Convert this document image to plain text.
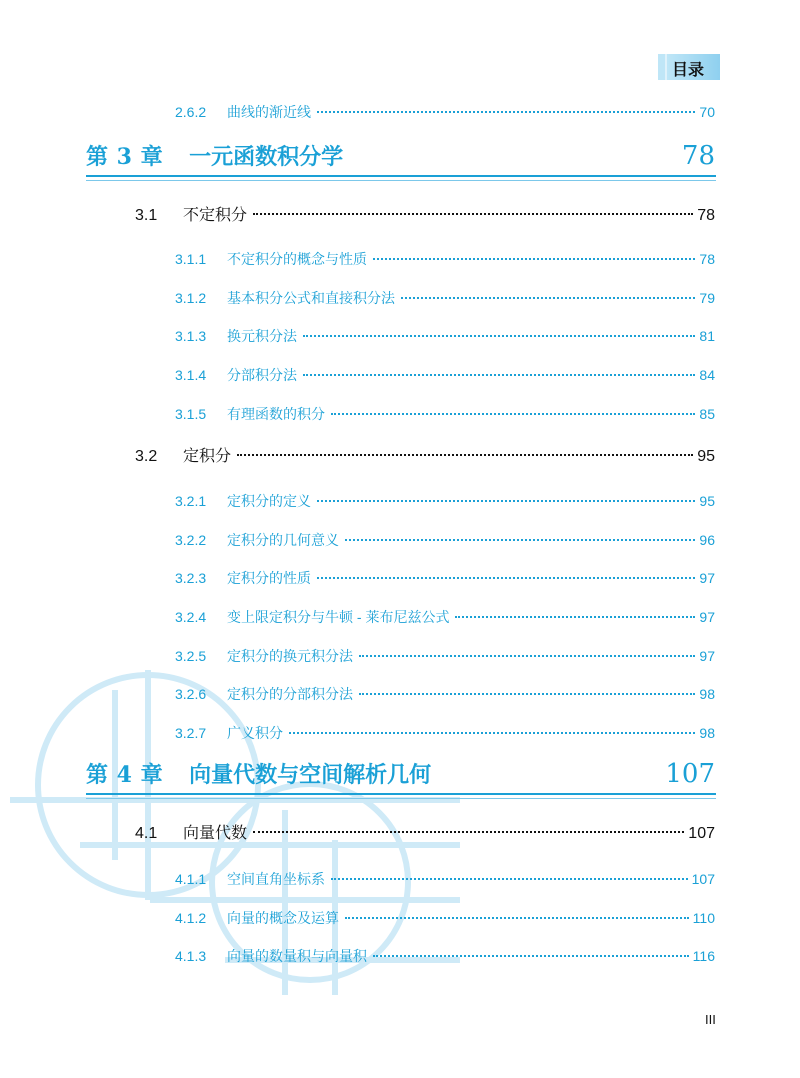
目录
2.6.2	曲线的渐近线	70
第 3 章 一元函数积分学	78
3.1	不定积分	78
3.1.1	不定积分的概念与性质	78
3.1.2	基本积分公式和直接积分法	79
3.1.3	换元积分法	81
3.1.4	分部积分法	84
3.1.5	有理函数的积分	85
3.2	定积分	95
3.2.1	定积分的定义	95
3.2.2	定积分的几何意义	96
3.2.3	定积分的性质	97
3.2.4	变上限定积分与牛顿 - 莱布尼兹公式	97
3.2.5	定积分的换元积分法	97
3.2.6	定积分的分部积分法	98
3.2.7	广义积分	98
第 4 章 向量代数与空间解析几何	107
4.1	向量代数	107
4.1.1	空间直角坐标系	107
4.1.2	向量的概念及运算	110
4.1.3	向量的数量积与向量积	116
III
